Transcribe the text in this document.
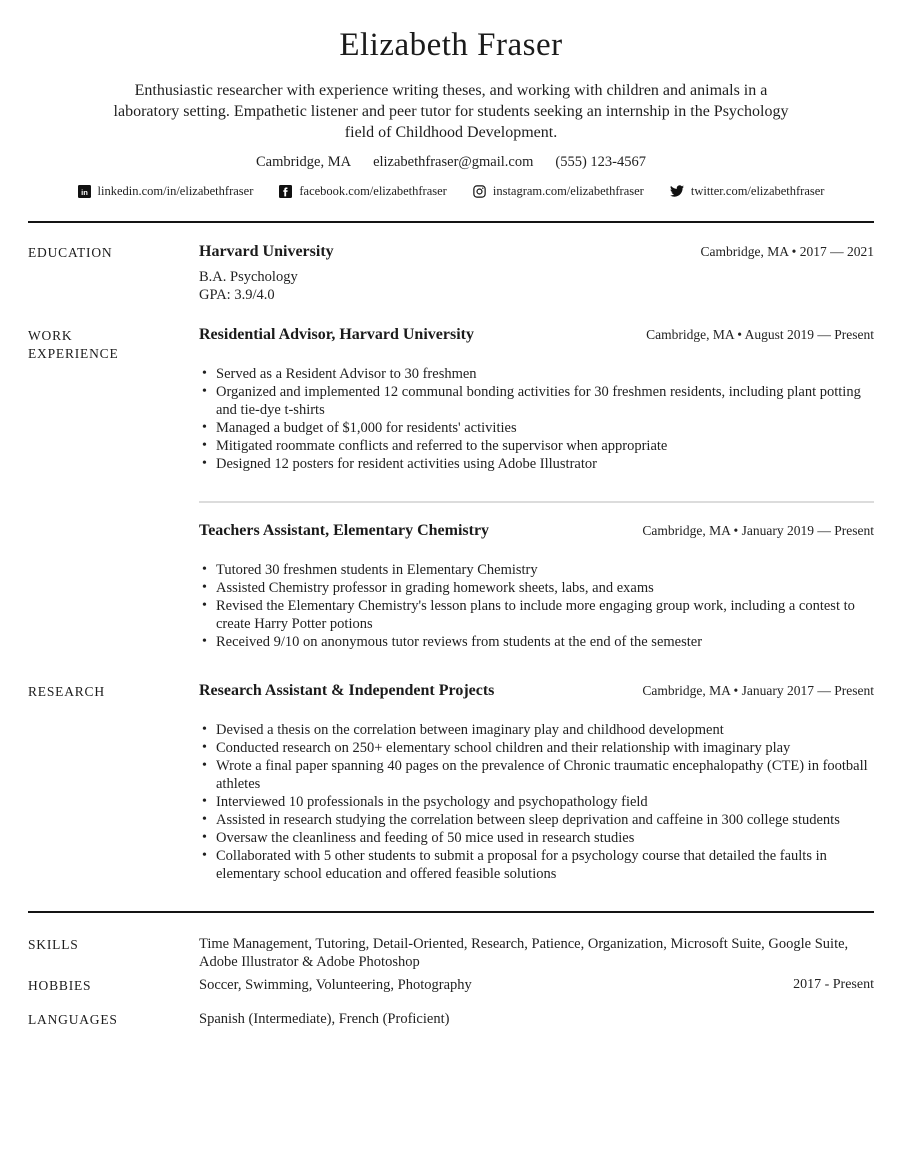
Elizabeth Fraser

Enthusiastic researcher with experience writing theses, and working with children and animals in a laboratory setting. Empathetic listener and peer tutor for students seeking an internship in the Psychology field of Childhood Development.

Cambridge, MA elizabethfraser@gmail.com (555) 123-4567
in linkedin.com/in/elizabethfraser	facebook.com/elizabethfraser	instagram.com/elizabethfraser	twitter.com/elizabethfraser
EDUCATION	Harvard University	Cambridge, MA • 2017 — 2021

B.A. Psychology

GPA: 3.9/4.0

WORK EXPERIENCE
Residential Advisor, Harvard University	Cambridge, MA • August 2019 — Present
• Served as a Resident Advisor to 30 freshmen
• Organized and implemented 12 communal bonding activities for 30 freshmen residents, including plant potting and tie-dye t-shirts
• Managed a budget of $1,000 for residents' activities
• Mitigated roommate conflicts and referred to the supervisor when appropriate
• Designed 12 posters for resident activities using Adobe Illustrator
Teachers Assistant, Elementary Chemistry	Cambridge, MA • January 2019 — Present
• Tutored 30 freshmen students in Elementary Chemistry
• Assisted Chemistry professor in grading homework sheets, labs, and exams
• Revised the Elementary Chemistry's lesson plans to include more engaging group work, including a contest to create Harry Potter potions
• Received 9/10 on anonymous tutor reviews from students at the end of the semester
RESEARCH	Research Assistant & Independent Projects	Cambridge, MA • January 2017 — Present
• Devised a thesis on the correlation between imaginary play and childhood development
• Conducted research on 250+ elementary school children and their relationship with imaginary play
• Wrote a final paper spanning 40 pages on the prevalence of Chronic traumatic encephalopathy (CTE) in football athletes
• Interviewed 10 professionals in the psychology and psychopathology field
• Assisted in research studying the correlation between sleep deprivation and caffeine in 300 college students
• Oversaw the cleanliness and feeding of 50 mice used in research studies
• Collaborated with 5 other students to submit a proposal for a psychology course that detailed the faults in elementary school education and offered feasible solutions
SKILLS	Time Management, Tutoring, Detail-Oriented, Research, Patience, Organization, Microsoft Suite, Google Suite, Adobe Illustrator & Adobe Photoshop

HOBBIES	Soccer, Swimming, Volunteering, Photography	2017 - Present
LANGUAGES	Spanish (Intermediate), French (Proficient)
